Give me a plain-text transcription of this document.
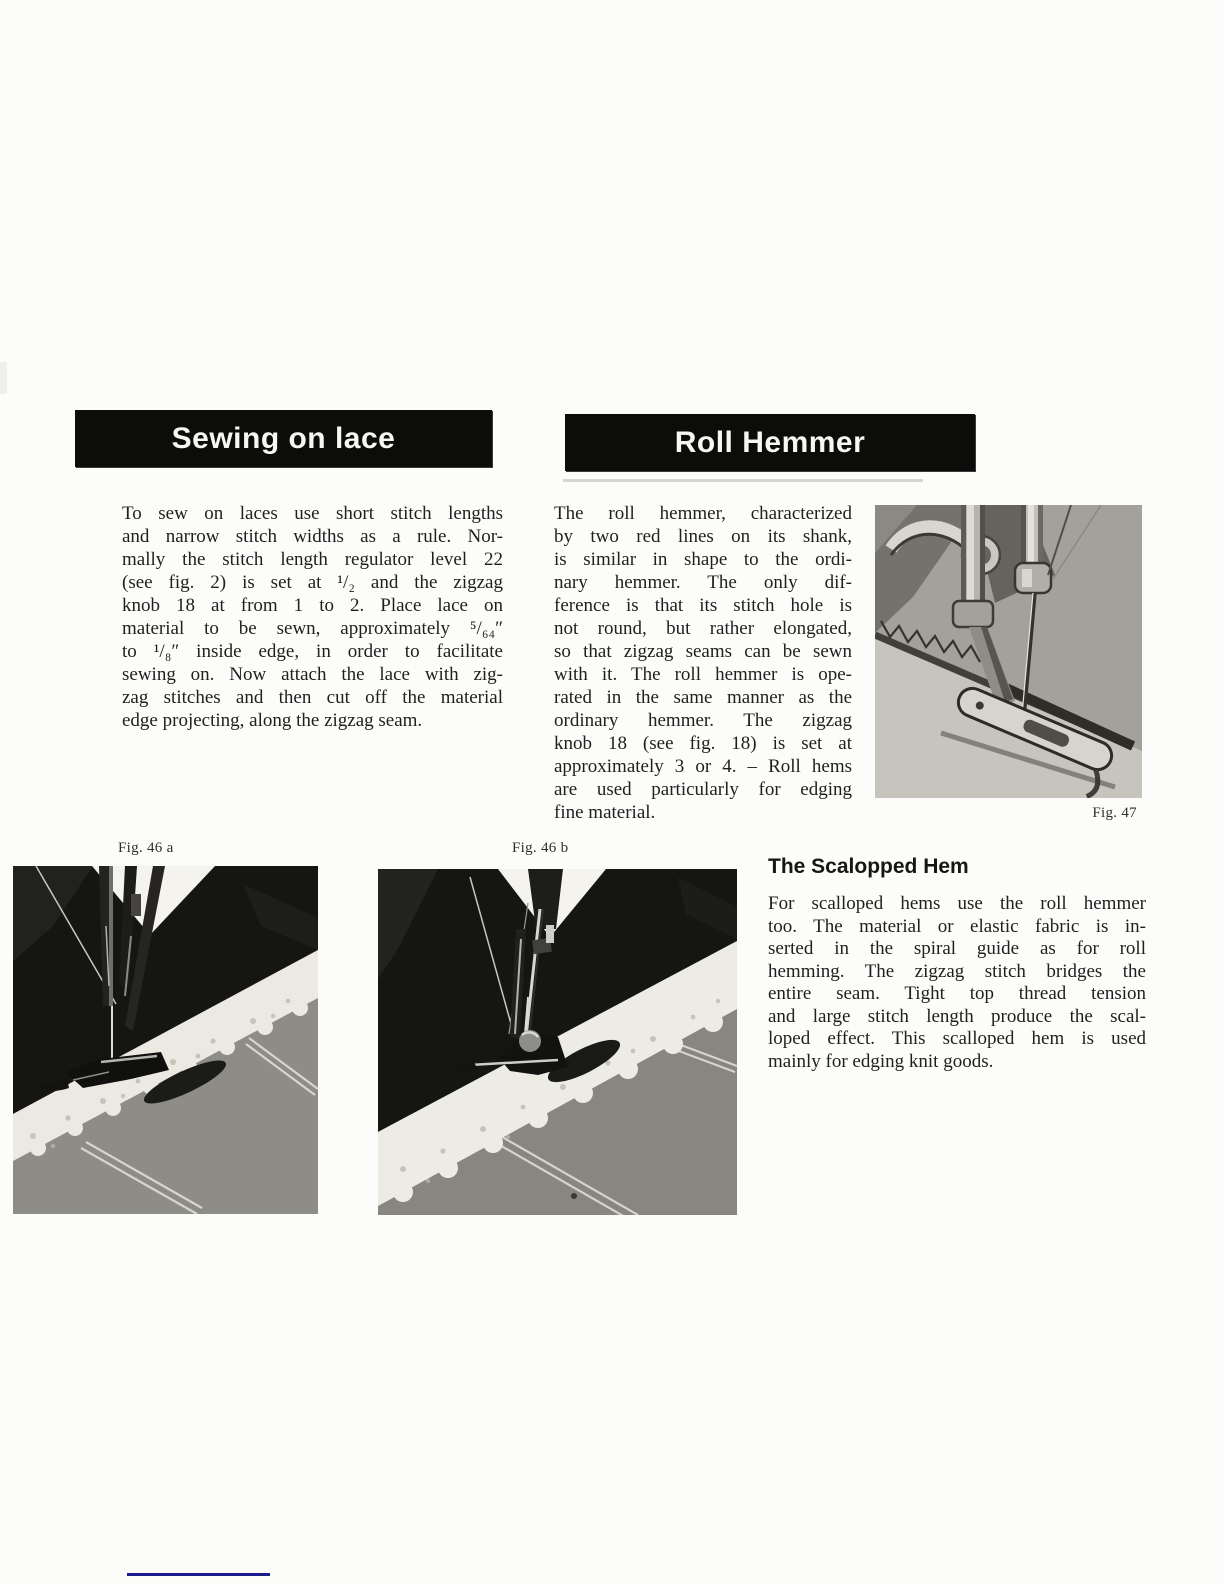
Sewing on lace	Roll Hemmer
To sew on laces use short stitch lengths
and narrow stitch widths as a rule. Nor-
mally the stitch length regulator level 22
(see fig. 2) is set at ¹/₂ and the zigzag
knob 18 at from 1 to 2. Place lace on
material to be sewn, approximately ⁵/₆₄″
to ¹/₈″ inside edge, in order to facilitate
sewing on. Now attach the lace with zig-
zag stitches and then cut off the material
edge projecting, along the zigzag seam.
The roll hemmer, characterized
by two red lines on its shank,
is similar in shape to the ordi-
nary hemmer. The only dif-
ference is that its stitch hole is
not round, but rather elongated,
so that zigzag seams can be sewn
with it. The roll hemmer is ope-
rated in the same manner as the
ordinary hemmer. The zigzag
knob 18 (see fig. 18) is set at
approximately 3 or 4. – Roll hems
are used particularly for edging
fine material.
The Scalopped Hem
For scalloped hems use the roll hemmer
too. The material or elastic fabric is in-
serted in the spiral guide as for roll
hemming. The zigzag stitch bridges the
entire seam. Tight top thread tension
and large stitch length produce the scal-
loped effect. This scalloped hem is used
mainly for edging knit goods.
Fig. 47
Fig. 46 a	Fig. 46 b
